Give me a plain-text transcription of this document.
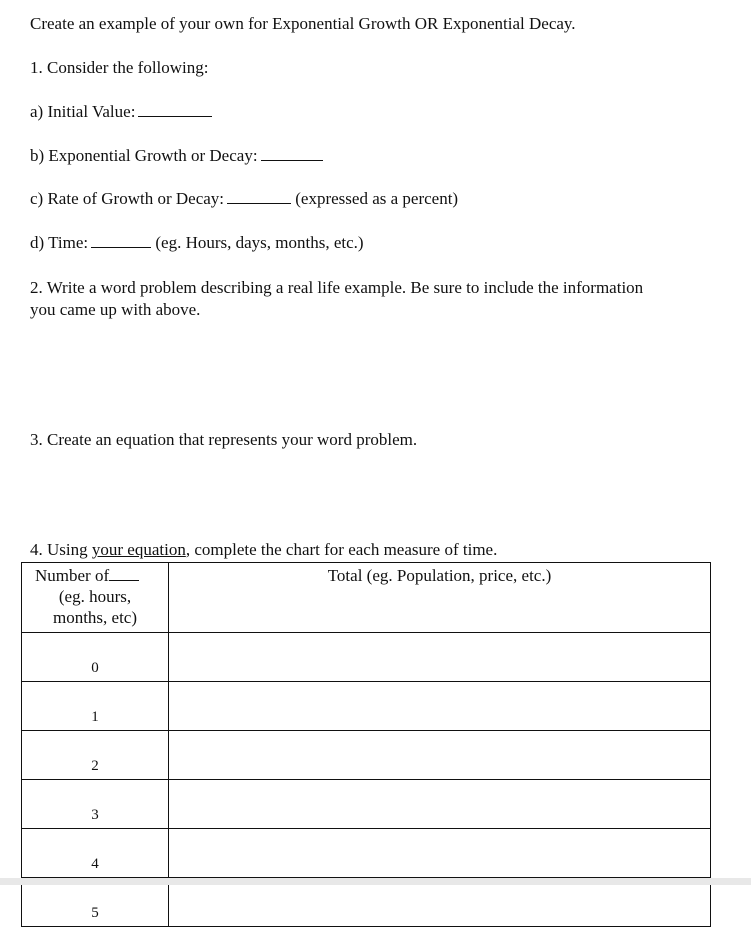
Create an example of your own for Exponential Growth OR Exponential Decay.
1. Consider the following:
a) Initial Value:
b) Exponential Growth or Decay:
c) Rate of Growth or Decay:	(expressed as a percent)
d) Time:	(eg. Hours, days, months, etc.)
2. Write a word problem describing a real life example. Be sure to include the information you came up with above.
3. Create an equation that represents your word problem.
4. Using your equation, complete the chart for each measure of time.
Number of
(eg. hours,
months, etc)	Total (eg. Population, price, etc.)
0	
1	
2	
3	
4	
5	
